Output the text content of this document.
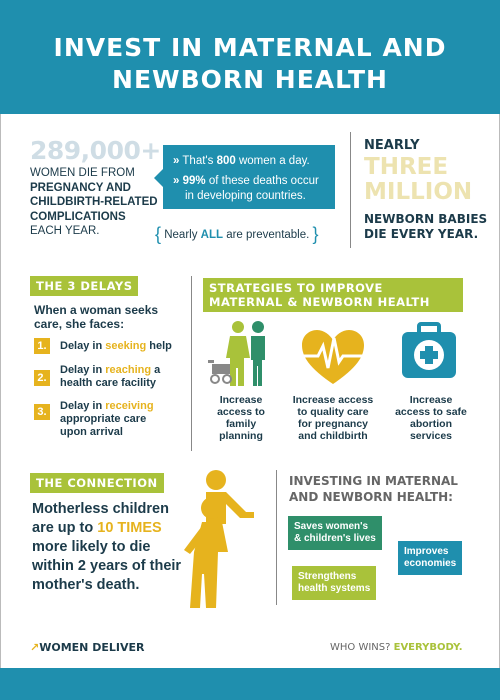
INVEST IN MATERNAL AND NEWBORN HEALTH
289,000+
WOMEN DIE FROM
PREGNANCY AND
CHILDBIRTH-RELATED
COMPLICATIONS
EACH YEAR.
» That's 800 women a day.
» 99% of these deaths occur
in developing countries.
{ Nearly ALL are preventable. }
NEARLY
THREE
MILLION
NEWBORN BABIES
DIE EVERY YEAR.
THE 3 DELAYS
When a woman seeks
care, she faces:
1.	Delay in seeking help
2.
Delay in reaching a
health care facility
3.	Delay in receiving
appropriate care
upon arrival
STRATEGIES TO IMPROVE
MATERNAL & NEWBORN HEALTH
Increase
access to
family
planning
Increase access
to quality care
for pregnancy
and childbirth
Increase
access to safe
abortion
services
THE CONNECTION
Motherless children
are up to 10 TIMES
more likely to die
within 2 years of their
mother's death.
INVESTING IN MATERNAL
AND NEWBORN HEALTH:
Saves women's
& children's lives
Improves
economies
Strengthens
health systems
↗WOMEN DELIVER	WHO WINS? EVERYBODY.
